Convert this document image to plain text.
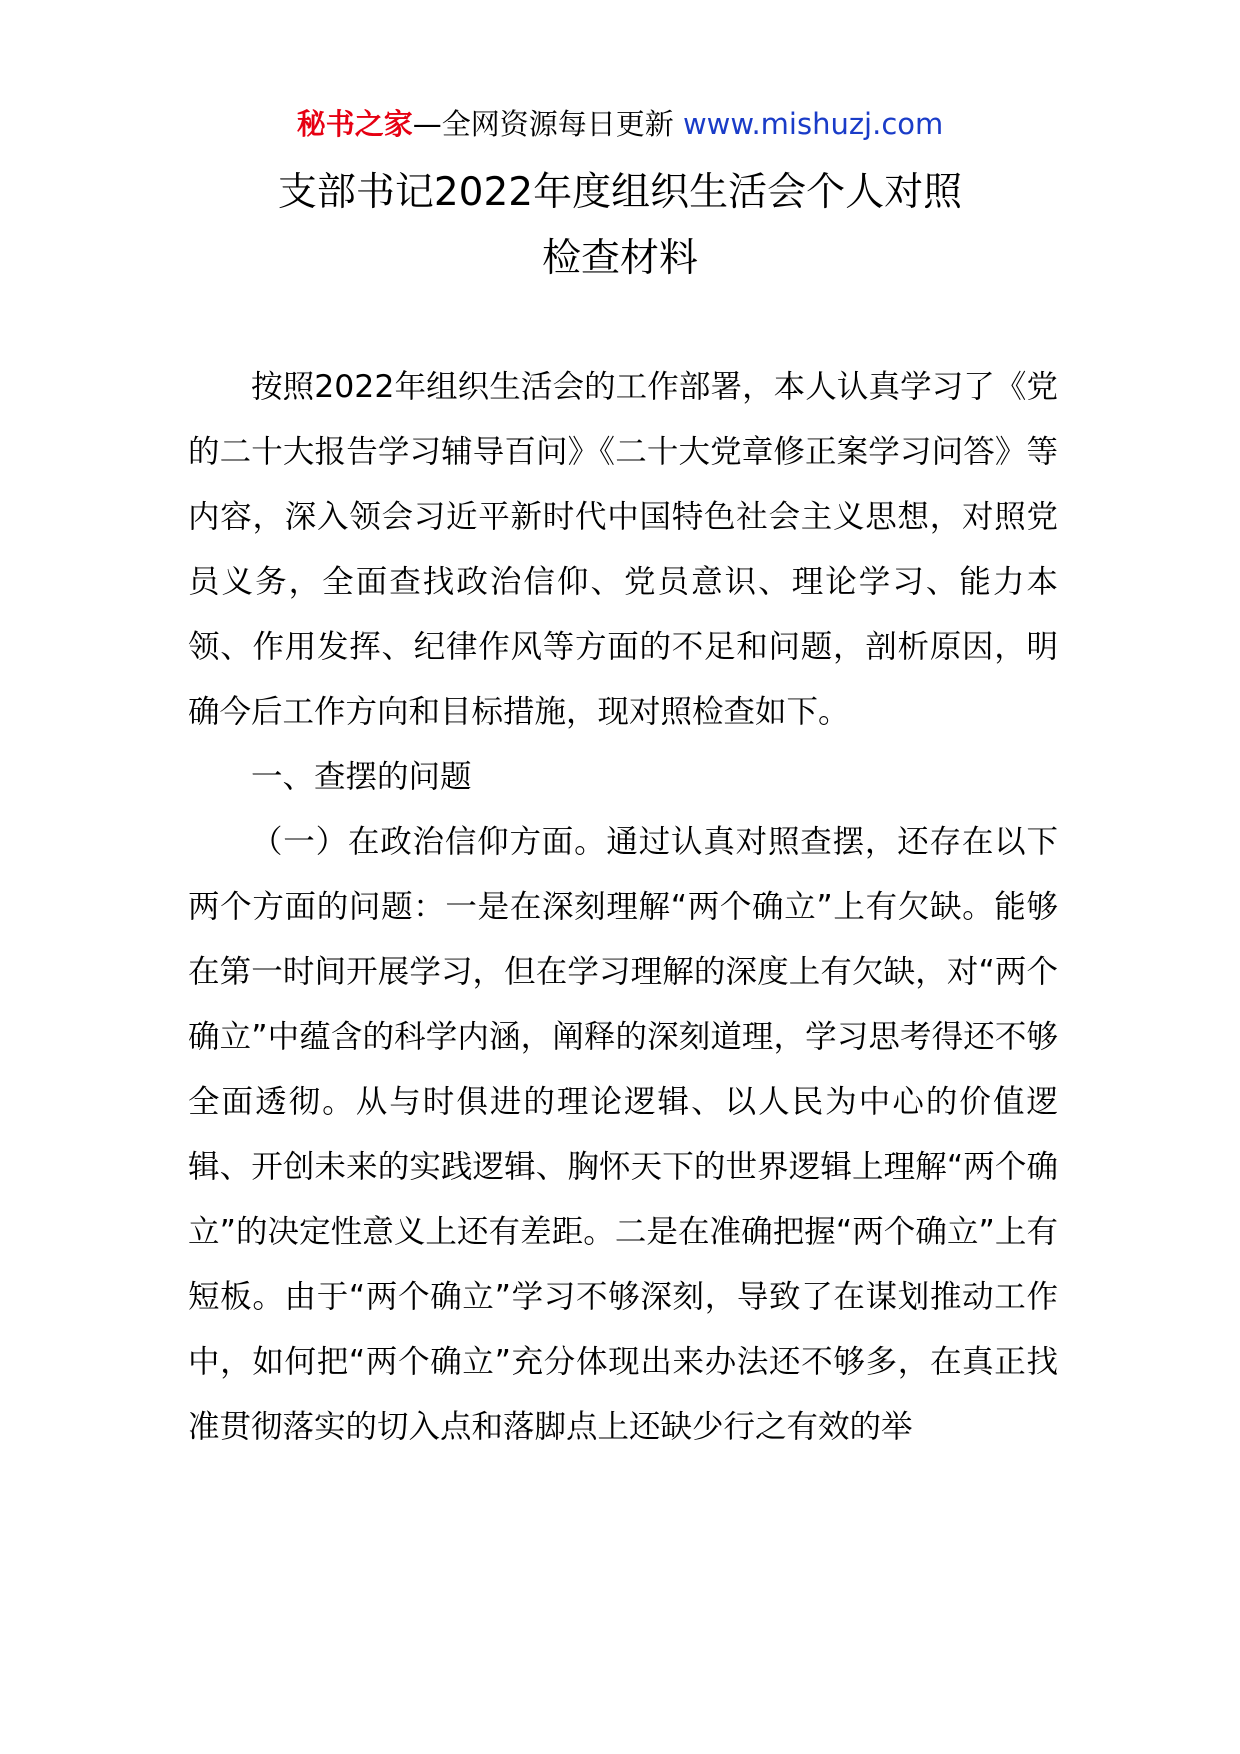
秘书之家—全网资源每日更新 www.mishuzj.com
支部书记2022年度组织生活会个人对照
检查材料

按照2022年组织生活会的工作部署，本人认真学习了《党的二十大报告学习辅导百问》《二十大党章修正案学习问答》等内容，深入领会习近平新时代中国特色社会主义思想，对照党员义务，全面查找政治信仰、党员意识、理论学习、能力本领、作用发挥、纪律作风等方面的不足和问题，剖析原因，明确今后工作方向和目标措施，现对照检查如下。

一、查摆的问题

（一）在政治信仰方面。通过认真对照查摆，还存在以下两个方面的问题：一是在深刻理解“两个确立”上有欠缺。能够在第一时间开展学习，但在学习理解的深度上有欠缺，对“两个确立”中蕴含的科学内涵，阐释的深刻道理，学习思考得还不够全面透彻。从与时俱进的理论逻辑、以人民为中心的价值逻辑、开创未来的实践逻辑、胸怀天下的世界逻辑上理解“两个确立”的决定性意义上还有差距。二是在准确把握“两个确立”上有短板。由于“两个确立”学习不够深刻，导致了在谋划推动工作中，如何把“两个确立”充分体现出来办法还不够多，在真正找准贯彻落实的切入点和落脚点上还缺少行之有效的举
